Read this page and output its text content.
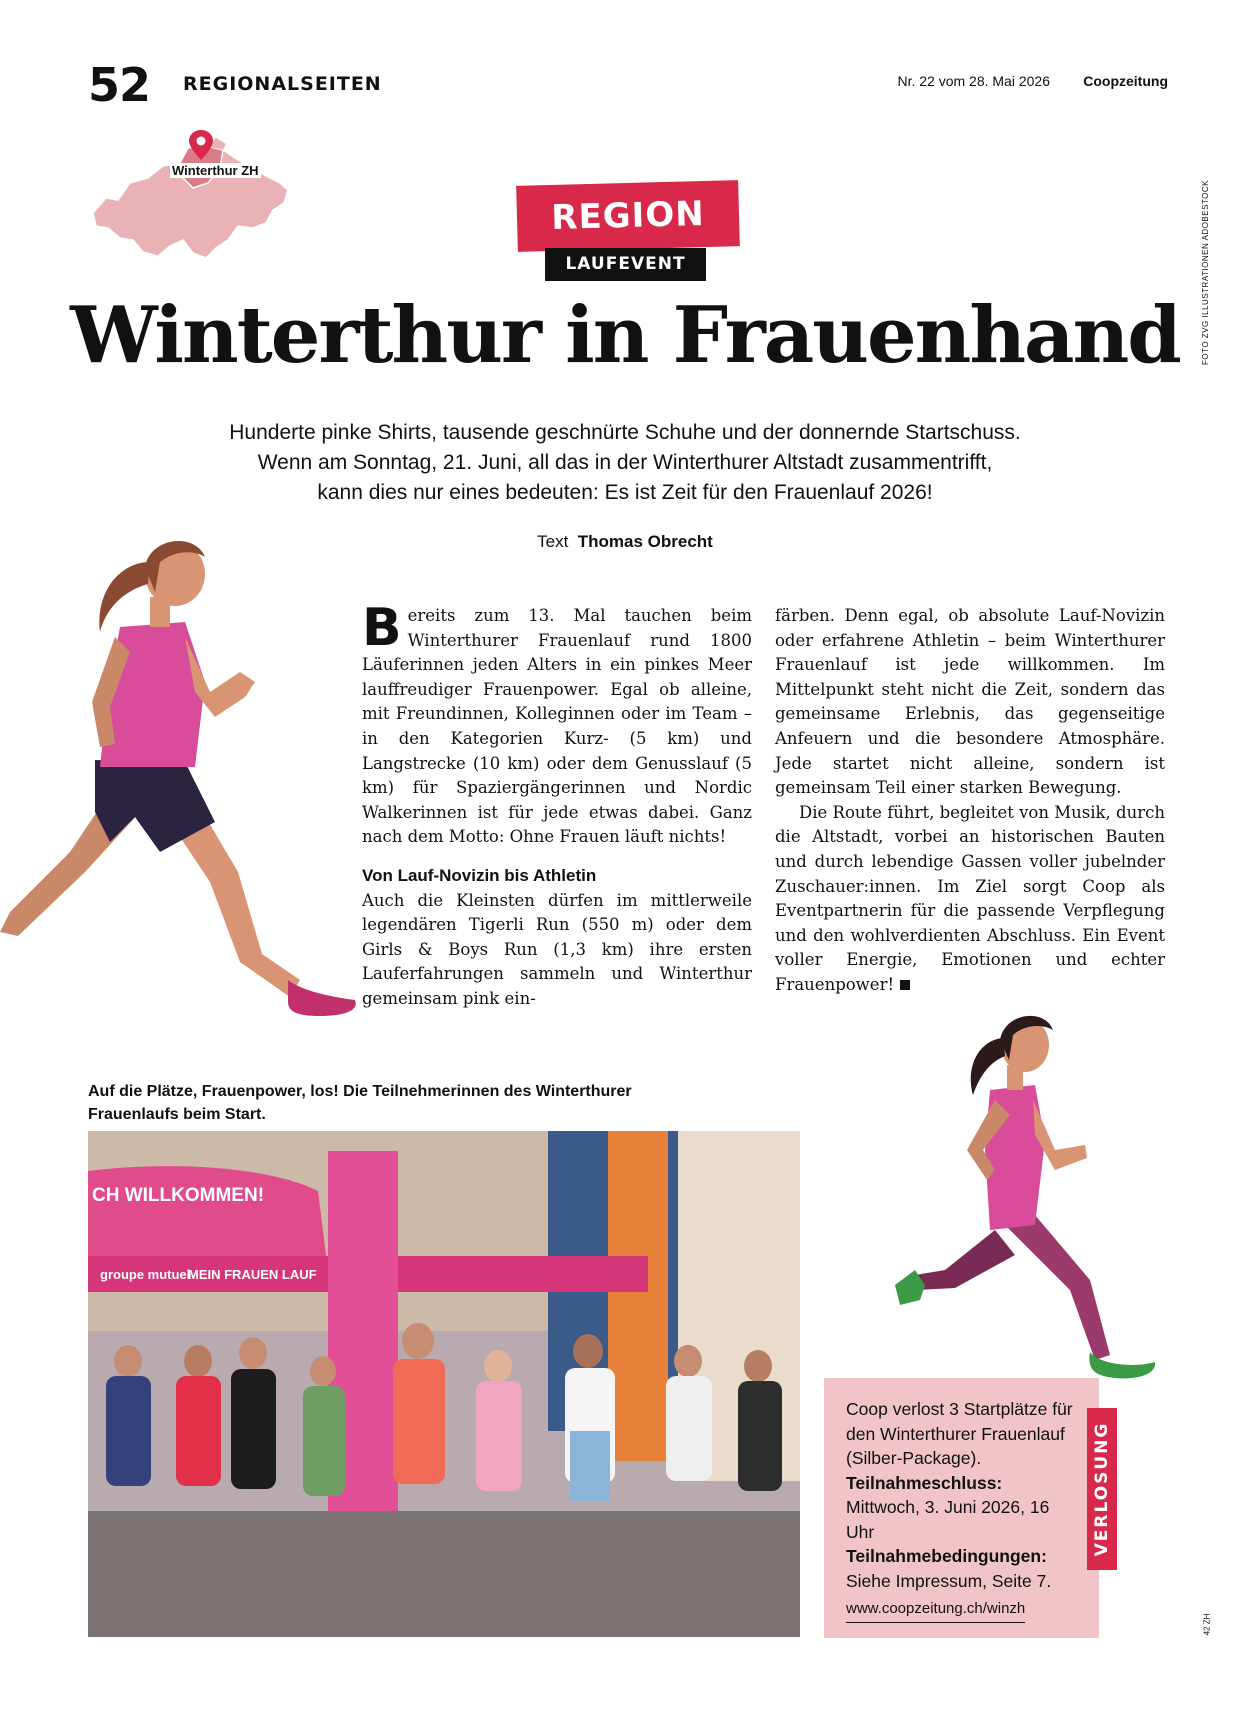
52 REGIONALSEITEN	Nr. 22 vom 28. Mai 2026 Coopzeitung
FOTO ZVG ILLUSTRATIONEN ADOBESTOCK
42 ZH
Winterthur ZH
REGION
LAUFEVENT
Winterthur in Frauenhand
Hunderte pinke Shirts, tausende geschnürte Schuhe und der donnernde Startschuss.
Wenn am Sonntag, 21. Juni, all das in der Winterthurer Altstadt zusammentrifft,
kann dies nur eines bedeuten: Es ist Zeit für den Frauenlauf 2026!
Text Thomas Obrecht
Bereits zum 13. Mal tauchen beim Winterthurer Frauenlauf rund 1800 Läuferinnen jeden Alters in ein pinkes Meer lauffreudiger Frauenpower. Egal ob alleine, mit Freundinnen, Kolleginnen oder im Team – in den Kategorien Kurz- (5 km) und Langstrecke (10 km) oder dem Genusslauf (5 km) für Spaziergängerinnen und Nordic Walkerinnen ist für jede etwas dabei. Ganz nach dem Motto: Ohne Frauen läuft nichts!
Von Lauf-Novizin bis Athletin
Auch die Kleinsten dürfen im mittlerweile legendären Tigerli Run (550 m) oder dem Girls & Boys Run (1,3 km) ihre ersten Lauferfahrungen sammeln und Winterthur gemeinsam pink ein-
färben. Denn egal, ob absolute Lauf-Novizin oder erfahrene Athletin – beim Winterthurer Frauenlauf ist jede willkommen. Im Mittelpunkt steht nicht die Zeit, sondern das gemeinsame Erlebnis, das gegenseitige Anfeuern und die besondere Atmosphäre. Jede startet nicht alleine, sondern ist gemeinsam Teil einer starken Bewegung.
Die Route führt, begleitet von Musik, durch die Altstadt, vorbei an historischen Bauten und durch lebendige Gassen voller jubelnder Zuschauer:innen. Im Ziel sorgt Coop als Eventpartnerin für die passende Verpflegung und den wohlverdienten Abschluss. Ein Event voller Energie, Emotionen und echter Frauenpower!
Auf die Plätze, Frauenpower, los! Die Teilnehmerinnen des Winterthurer Frauenlaufs beim Start.
CH WILLKOMMEN!
groupe mutuel
MEIN FRAUEN LAUF
Coop verlost 3 Startplätze für den Winterthurer Frauenlauf (Silber-Package).
Teilnahmeschluss:
Mittwoch, 3. Juni 2026, 16 Uhr
Teilnahmebedingungen:
Siehe Impressum, Seite 7.
www.coopzeitung.ch/winzh
VERLOSUNG
